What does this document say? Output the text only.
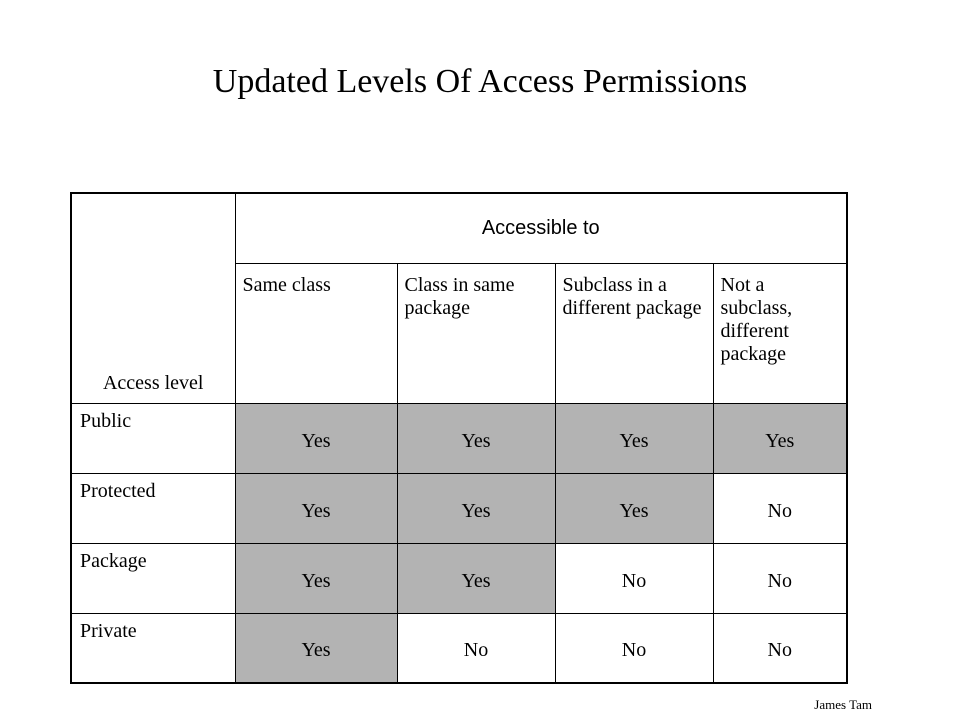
Updated Levels Of Access Permissions
Access level	Accessible to			
	Same class	Class in same package	Subclass in a different package	Not a subclass, different package
Public	Yes	Yes	Yes	Yes
Protected	Yes	Yes	Yes	No
Package	Yes	Yes	No	No
Private	Yes	No	No	No
James Tam
